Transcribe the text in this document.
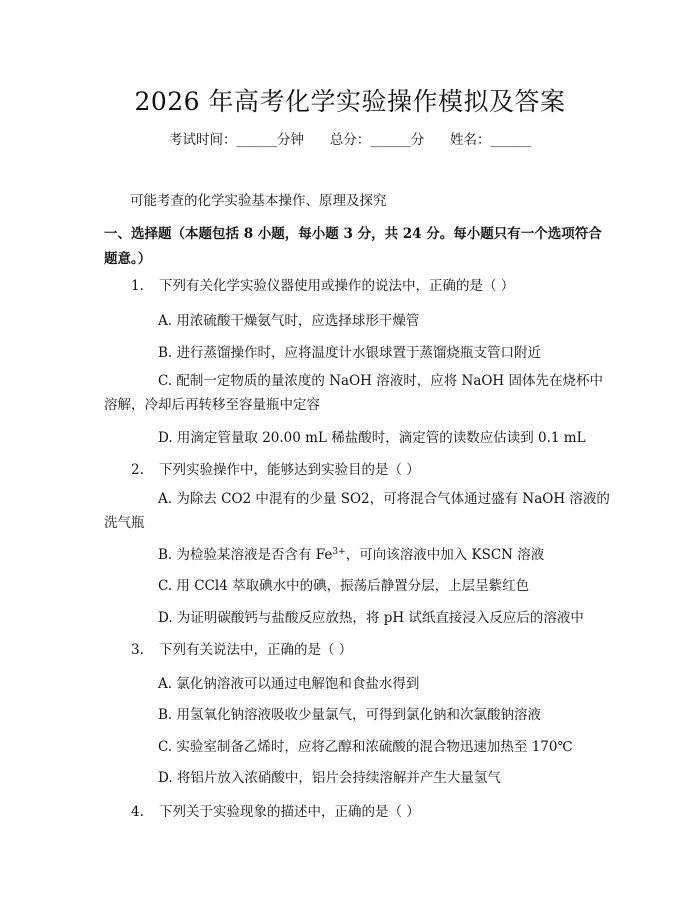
2026 年高考化学实验操作模拟及答案
考试时间：______分钟 总分：______分 姓名：______
可能考查的化学实验基本操作、原理及探究
一、选择题（本题包括 8 小题，每小题 3 分，共 24 分。每小题只有一个选项符合题意。）
1. 下列有关化学实验仪器使用或操作的说法中，正确的是（ ）
A. 用浓硫酸干燥氨气时，应选择球形干燥管
B. 进行蒸馏操作时，应将温度计水银球置于蒸馏烧瓶支管口附近
C. 配制一定物质的量浓度的 NaOH 溶液时，应将 NaOH 固体先在烧杯中溶解，冷却后再转移至容量瓶中定容
D. 用滴定管量取 20.00 mL 稀盐酸时，滴定管的读数应估读到 0.1 mL
2. 下列实验操作中，能够达到实验目的是（ ）
A. 为除去 CO2 中混有的少量 SO2，可将混合气体通过盛有 NaOH 溶液的洗气瓶
B. 为检验某溶液是否含有 $Fe^{3+}$，可向该溶液中加入 KSCN 溶液
C. 用 CCl4 萃取碘水中的碘，振荡后静置分层，上层呈紫红色
D. 为证明碳酸钙与盐酸反应放热，将 pH 试纸直接浸入反应后的溶液中
3. 下列有关说法中，正确的是（ ）
A. 氯化钠溶液可以通过电解饱和食盐水得到
B. 用氢氧化钠溶液吸收少量氯气，可得到氯化钠和次氯酸钠溶液
C. 实验室制备乙烯时，应将乙醇和浓硫酸的混合物迅速加热至 170℃
D. 将铝片放入浓硝酸中，铝片会持续溶解并产生大量氢气
4. 下列关于实验现象的描述中，正确的是（ ）
